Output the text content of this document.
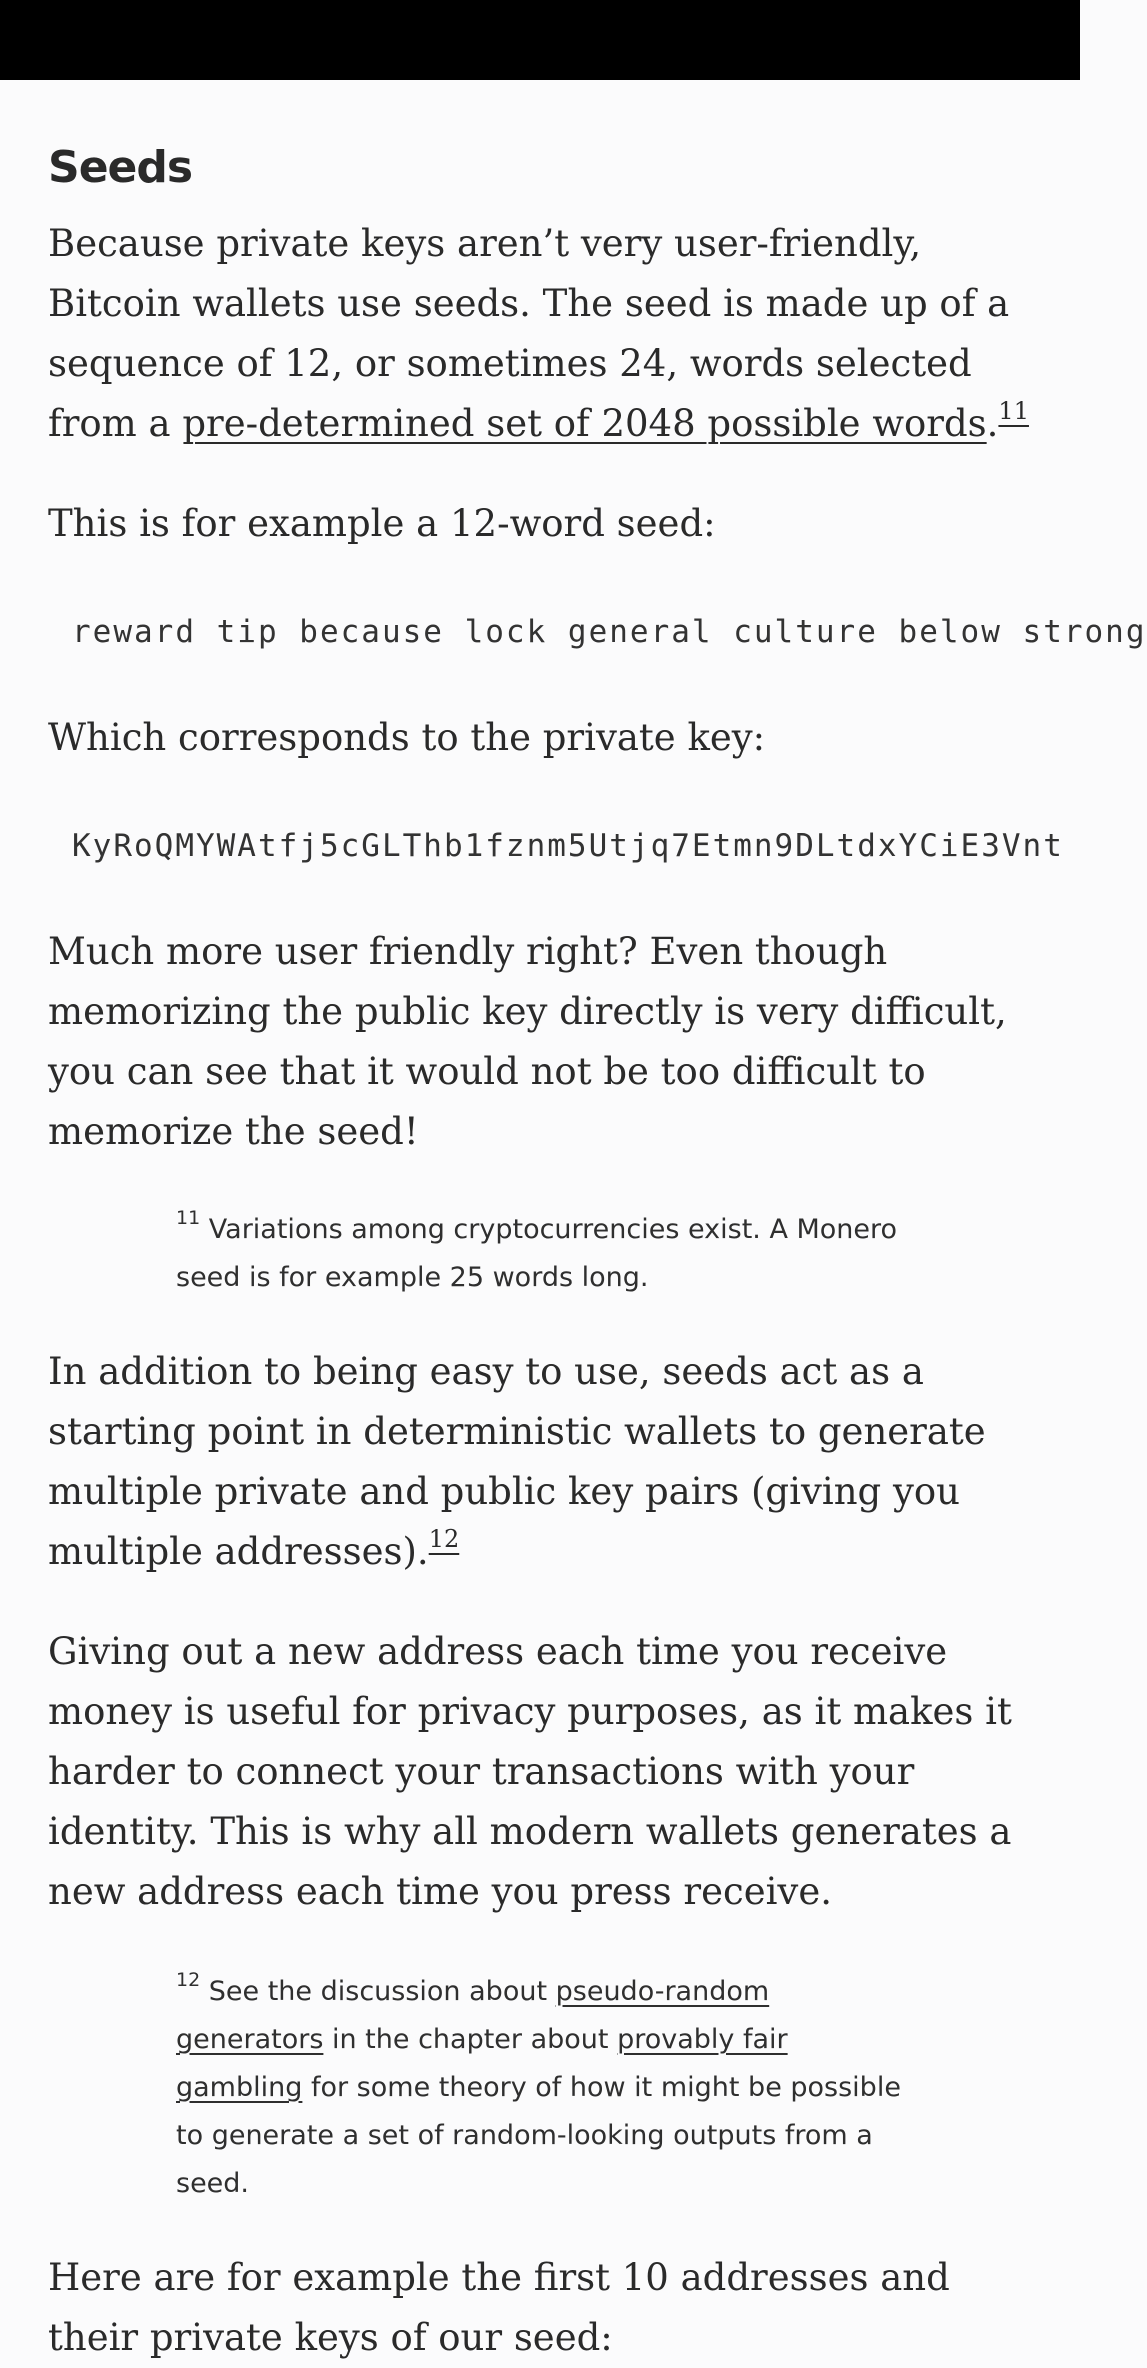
Seeds

Because private keys aren’t very user-friendly, Bitcoin wallets use seeds. The seed is made up of a sequence of 12, or sometimes 24, words selected from a pre-determined set of 2048 possible words.$^{11}$

This is for example a 12-word seed:

reward tip because lock general culture below strong

Which corresponds to the private key:

KyRoQMYWAtfj5cGLThb1fznm5Utjq7Etmn9DLtdxYCiE3Vnt

Much more user friendly right? Even though memorizing the public key directly is very difficult, you can see that it would not be too difficult to memorize the seed!

$^{11}$ Variations among cryptocurrencies exist. A Monero seed is for example 25 words long.

In addition to being easy to use, seeds act as a starting point in deterministic wallets to generate multiple private and public key pairs (giving you multiple addresses).$^{12}$

Giving out a new address each time you receive money is useful for privacy purposes, as it makes it harder to connect your transactions with your identity. This is why all modern wallets generates a new address each time you press receive.

$^{12}$ See the discussion about pseudo-random generators in the chapter about provably fair gambling for some theory of how it might be possible to generate a set of random-looking outputs from a seed.

Here are for example the first 10 addresses and their private keys of our seed:
